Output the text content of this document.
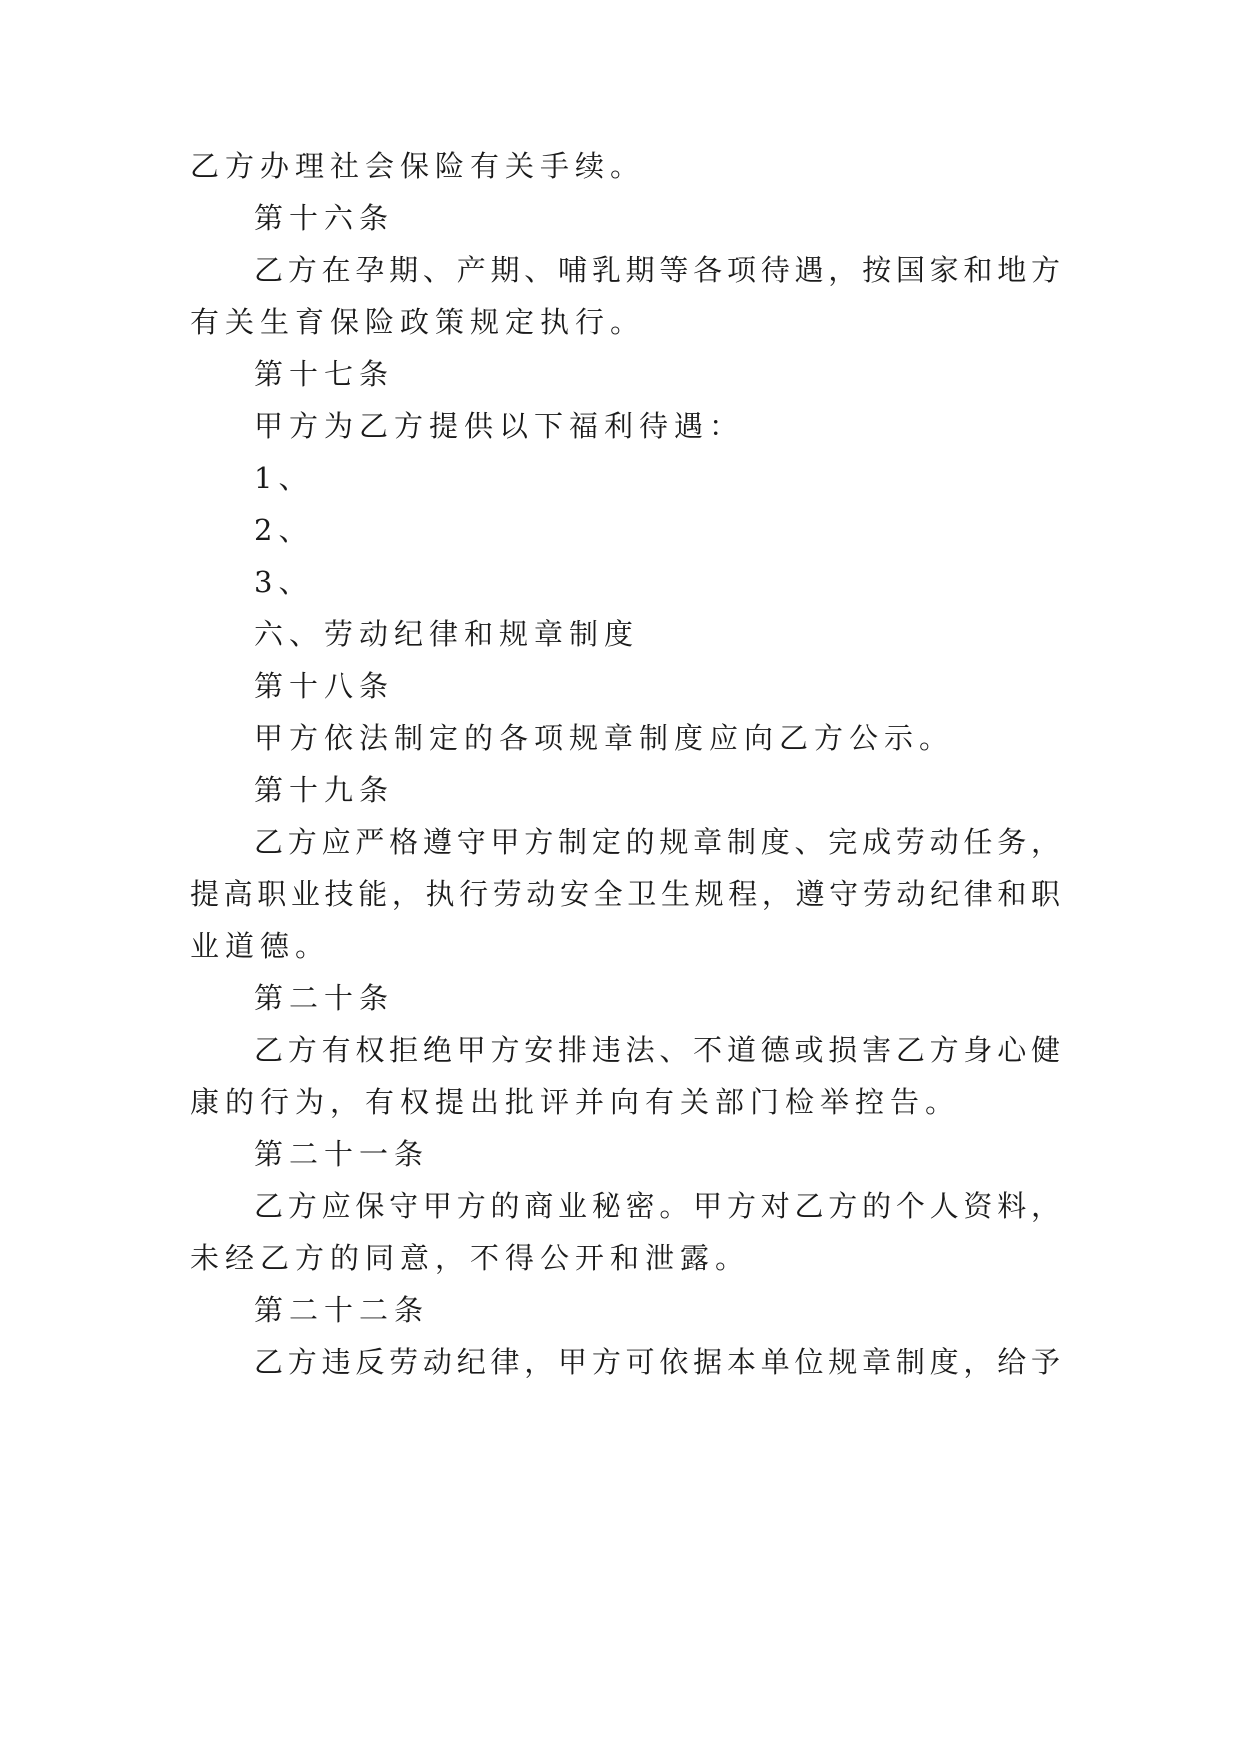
乙方办理社会保险有关手续。
第十六条
乙方在孕期、产期、哺乳期等各项待遇，按国家和地方
有关生育保险政策规定执行。
第十七条
甲方为乙方提供以下福利待遇：
1、
2、
3、
六、劳动纪律和规章制度
第十八条
甲方依法制定的各项规章制度应向乙方公示。
第十九条
乙方应严格遵守甲方制定的规章制度、完成劳动任务，
提高职业技能，执行劳动安全卫生规程，遵守劳动纪律和职
业道德。
第二十条
乙方有权拒绝甲方安排违法、不道德或损害乙方身心健
康的行为，有权提出批评并向有关部门检举控告。
第二十一条
乙方应保守甲方的商业秘密。甲方对乙方的个人资料，
未经乙方的同意，不得公开和泄露。
第二十二条
乙方违反劳动纪律，甲方可依据本单位规章制度，给予
